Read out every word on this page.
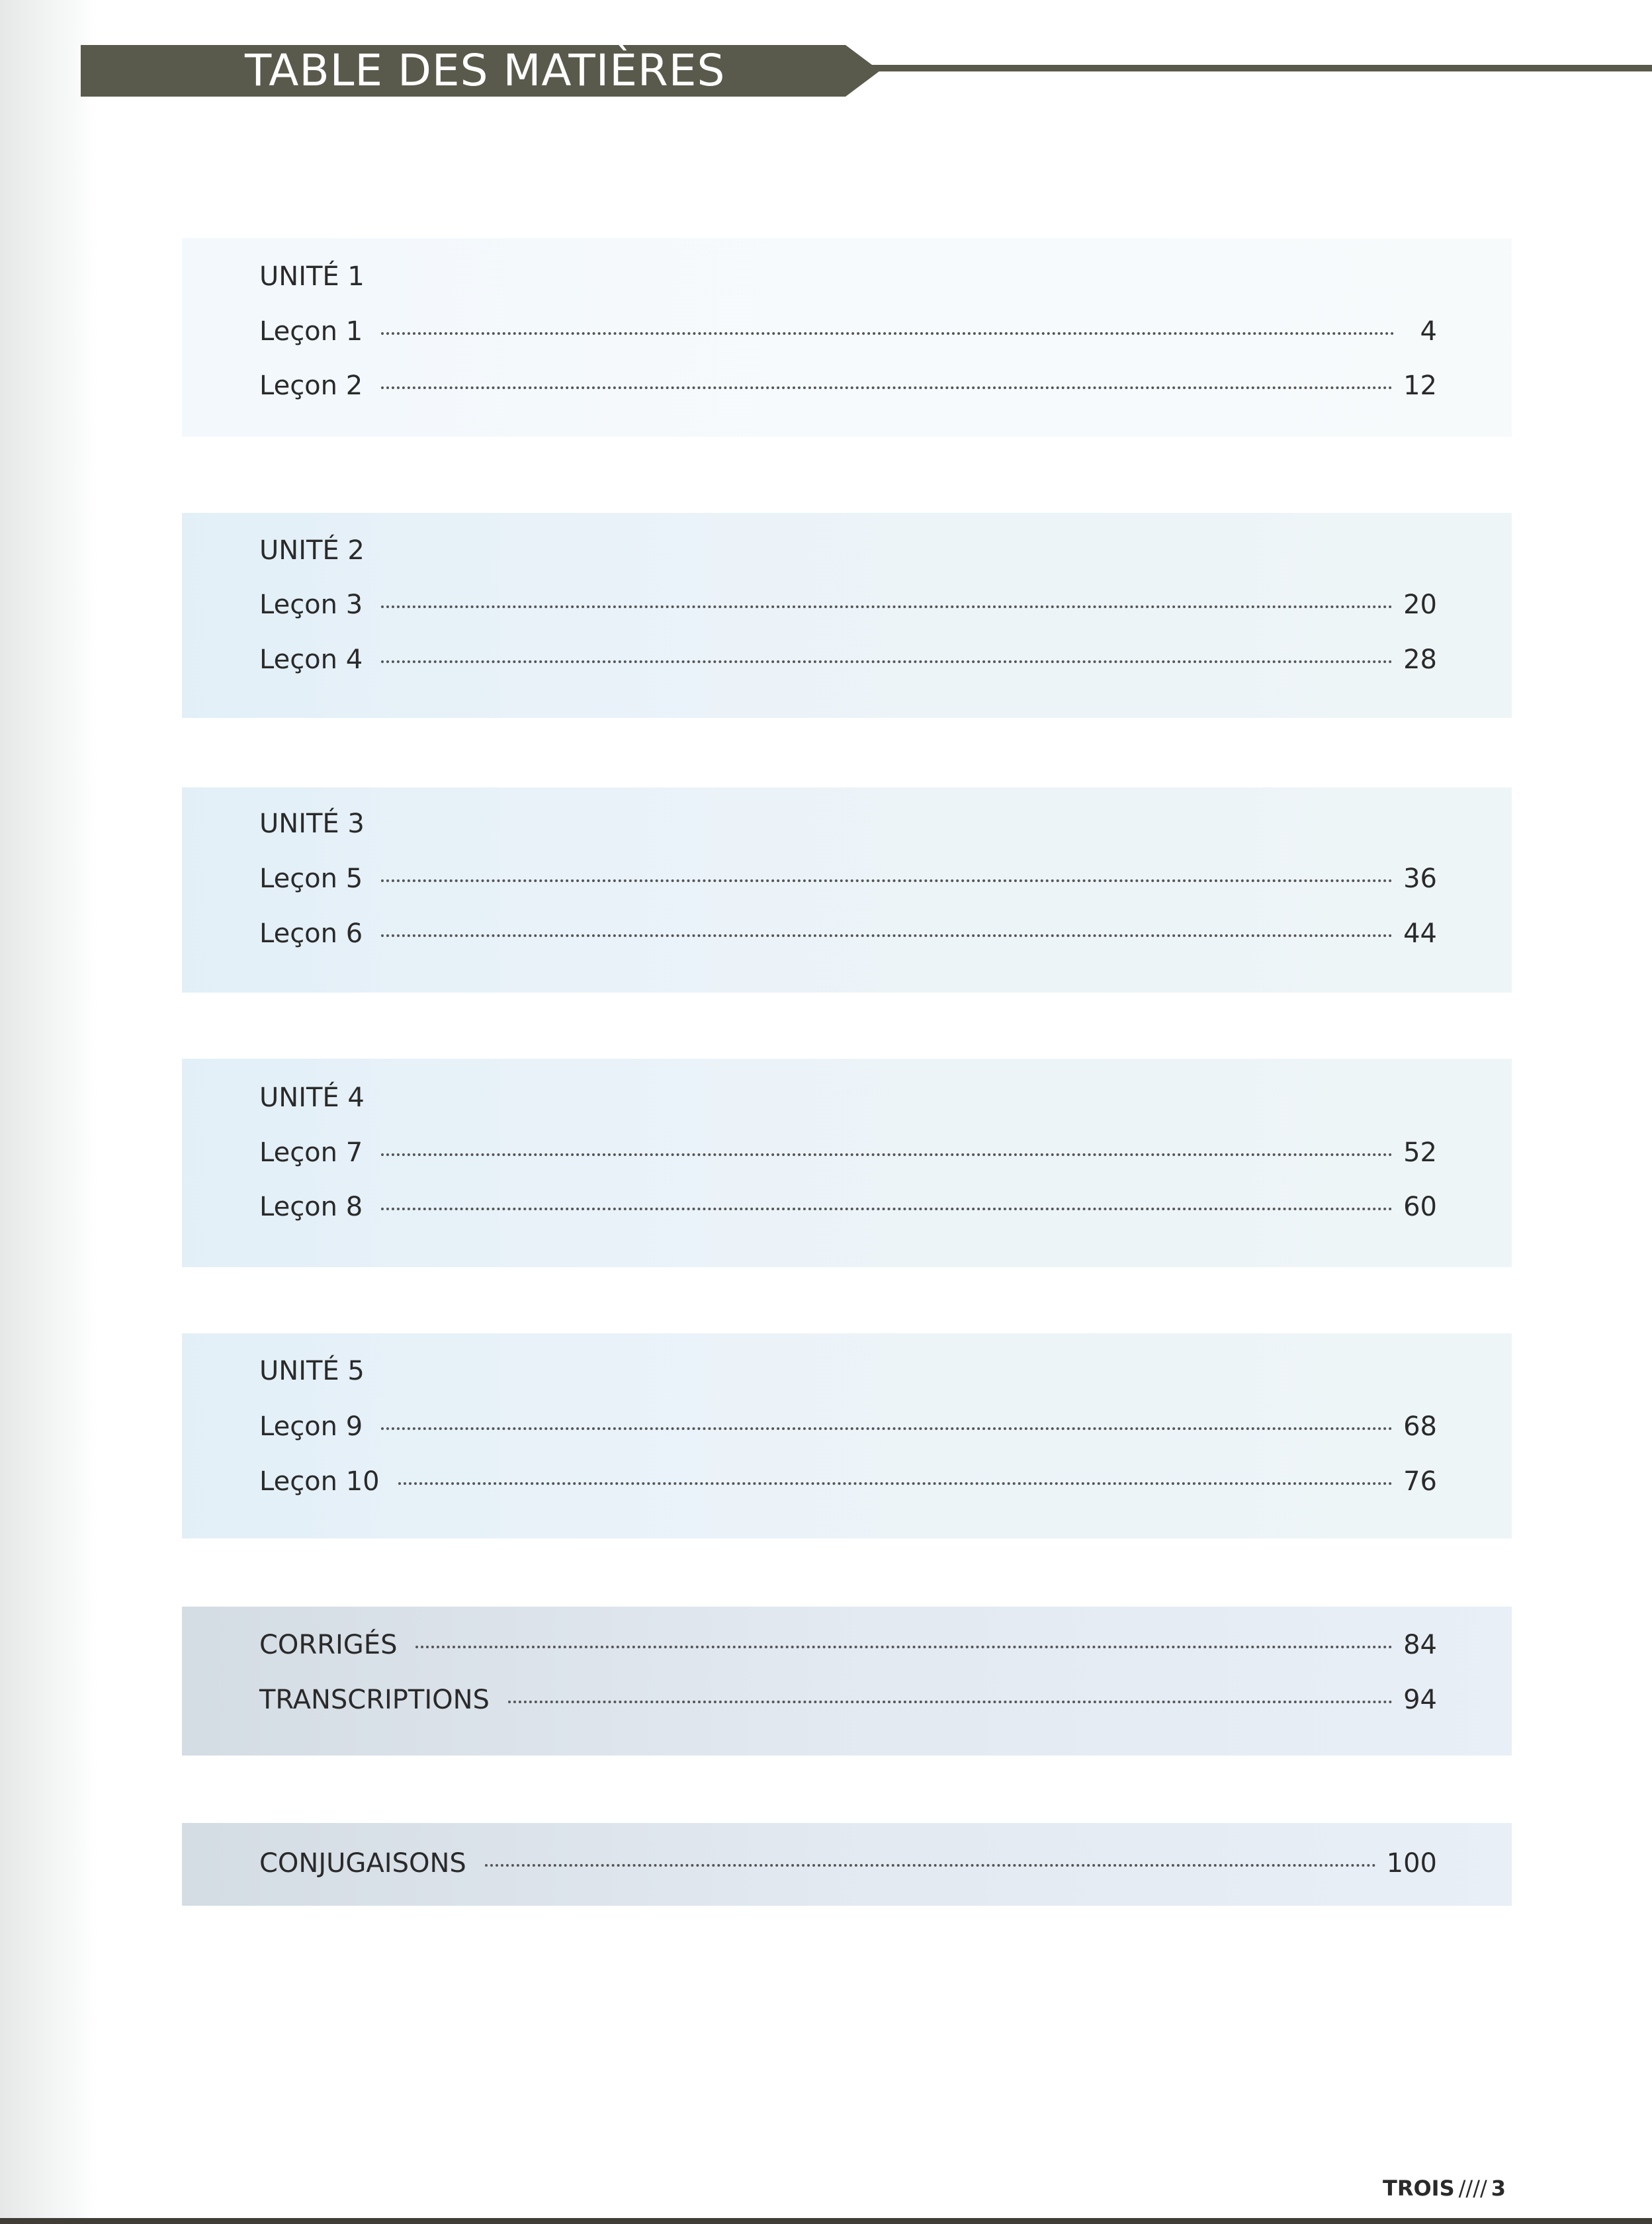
TABLE DES MATIÈRES
UNITÉ 1
Leçon 1	4
Leçon 2	12
UNITÉ 2
Leçon 3	20
Leçon 4	28
UNITÉ 3
Leçon 5	36
Leçon 6	44
UNITÉ 4
Leçon 7	52
Leçon 8	60
UNITÉ 5
Leçon 9	68
Leçon 10	76
CORRIGÉS	84
TRANSCRIPTIONS	94
CONJUGAISONS	100
TROIS //// 3
